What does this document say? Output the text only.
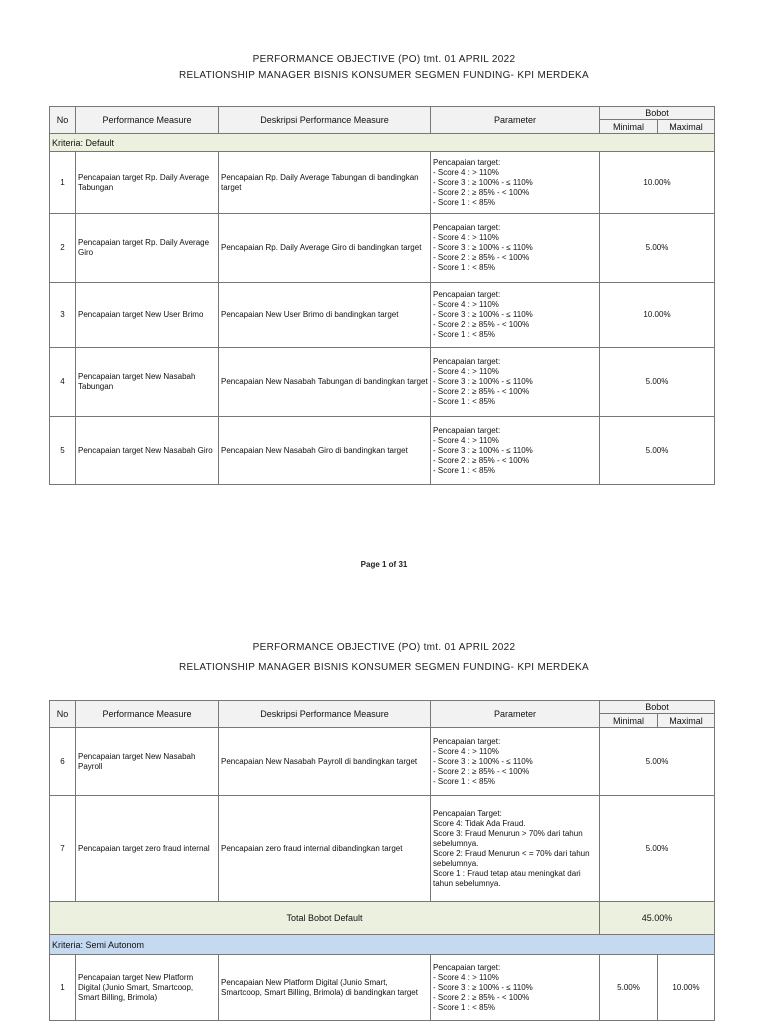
PERFORMANCE OBJECTIVE (PO) tmt. 01 APRIL 2022
RELATIONSHIP MANAGER BISNIS KONSUMER SEGMEN FUNDING- KPI MERDEKA
No	Performance Measure	Deskripsi Performance Measure	Parameter	Bobot	
				Minimal	Maximal
Kriteria: Default					
1	Pencapaian target Rp. Daily Average Tabungan	Pencapaian Rp. Daily Average Tabungan di bandingkan target	Pencapaian target:
- Score 4 : > 110%
- Score 3 : ≥ 100% - ≤ 110%
- Score 2 : ≥ 85% - < 100%
- Score 1 : < 85%	10.00%	
2	Pencapaian target Rp. Daily Average Giro	Pencapaian Rp. Daily Average Giro di bandingkan target	Pencapaian target:
- Score 4 : > 110%
- Score 3 : ≥ 100% - ≤ 110%
- Score 2 : ≥ 85% - < 100%
- Score 1 : < 85%	5.00%	
3	Pencapaian target New User Brimo	Pencapaian New User Brimo di bandingkan target	Pencapaian target:
- Score 4 : > 110%
- Score 3 : ≥ 100% - ≤ 110%
- Score 2 : ≥ 85% - < 100%
- Score 1 : < 85%	10.00%	
4	Pencapaian target New Nasabah Tabungan	Pencapaian New Nasabah Tabungan di bandingkan target	Pencapaian target:
- Score 4 : > 110%
- Score 3 : ≥ 100% - ≤ 110%
- Score 2 : ≥ 85% - < 100%
- Score 1 : < 85%	5.00%	
5	Pencapaian target New Nasabah Giro	Pencapaian New Nasabah Giro di bandingkan target	Pencapaian target:
- Score 4 : > 110%
- Score 3 : ≥ 100% - ≤ 110%
- Score 2 : ≥ 85% - < 100%
- Score 1 : < 85%	5.00%	
Page 1 of 31
PERFORMANCE OBJECTIVE (PO) tmt. 01 APRIL 2022
RELATIONSHIP MANAGER BISNIS KONSUMER SEGMEN FUNDING- KPI MERDEKA
No	Performance Measure	Deskripsi Performance Measure	Parameter	Bobot	
				Minimal	Maximal
6	Pencapaian target New Nasabah Payroll	Pencapaian New Nasabah Payroll di bandingkan target	Pencapaian target:
- Score 4 : > 110%
- Score 3 : ≥ 100% - ≤ 110%
- Score 2 : ≥ 85% - < 100%
- Score 1 : < 85%	5.00%	
7	Pencapaian target zero fraud internal	Pencapaian zero fraud internal dibandingkan target	Pencapaian Target:
Score 4: Tidak Ada Fraud.
Score 3: Fraud Menurun > 70% dari tahun sebelumnya.
Score 2: Fraud Menurun < = 70% dari tahun sebelumnya.
Score 1 : Fraud tetap atau meningkat dari tahun sebelumnya.	5.00%	
Total Bobot Default				45.00%	
Kriteria: Semi Autonom					
1	Pencapaian target New Platform Digital (Junio Smart, Smartcoop, Smart Billing, Brimola)	Pencapaian New Platform Digital (Junio Smart, Smartcoop, Smart Billing, Brimola) di bandingkan target	Pencapaian target:
- Score 4 : > 110%
- Score 3 : ≥ 100% - ≤ 110%
- Score 2 : ≥ 85% - < 100%
- Score 1 : < 85%	5.00%	10.00%
